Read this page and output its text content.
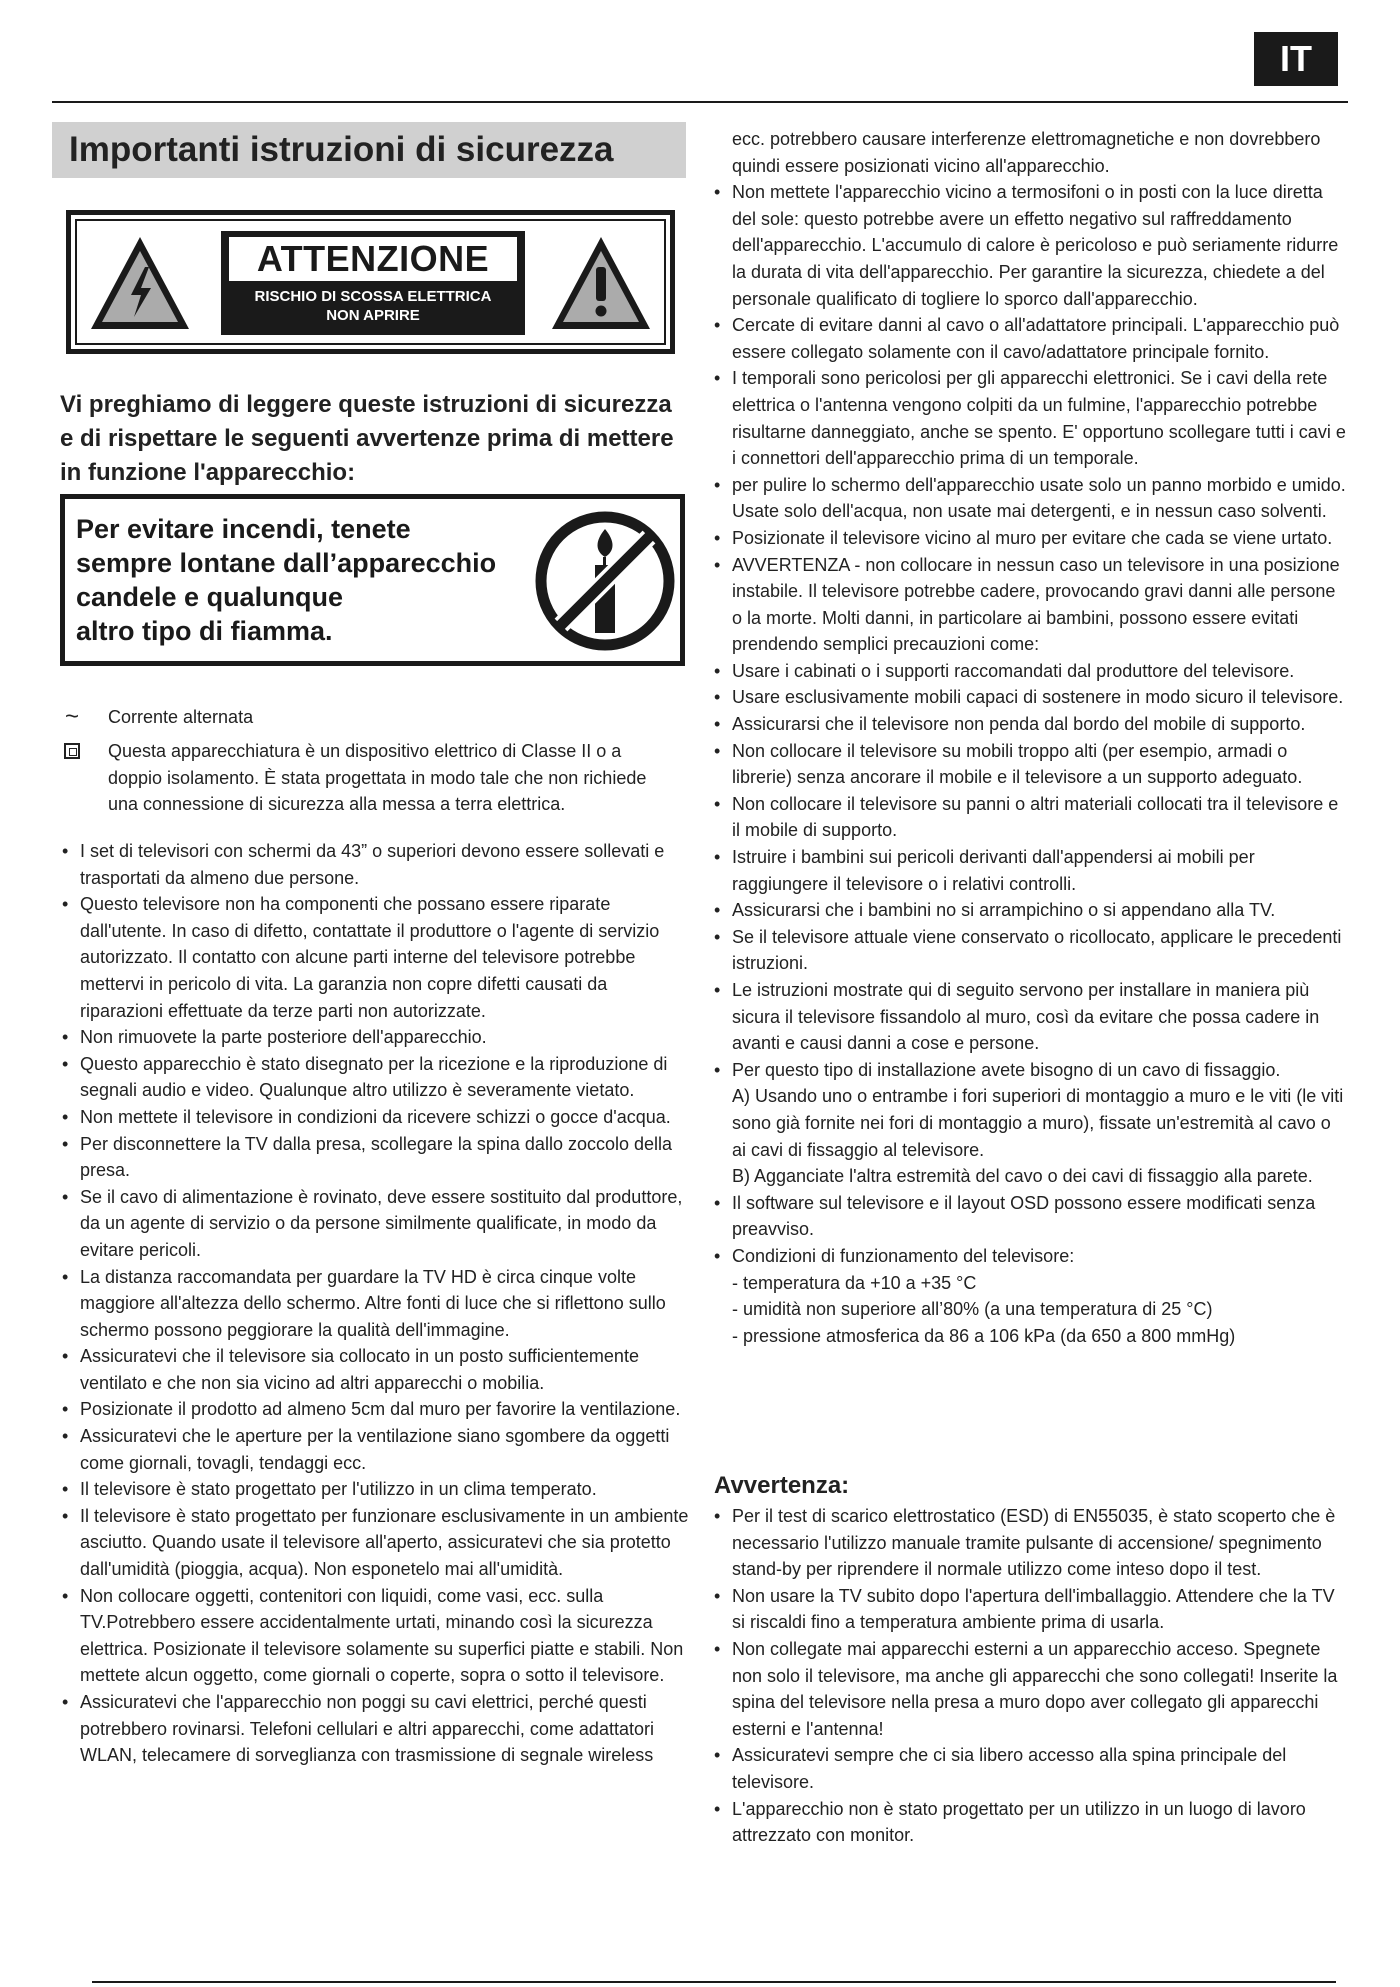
IT
Importanti istruzioni di sicurezza
ATTENZIONE
RISCHIO DI SCOSSA ELETTRICA
NON APRIRE
Vi preghiamo di leggere queste istruzioni di sicurezza e di rispettare le seguenti avvertenze prima di mettere in funzione l'apparecchio:
Per evitare incendi, tenete
sempre lontane dall’apparecchio
candele e qualunque
altro tipo di fiamma.
~ Corrente alternata
Questa apparecchiatura è un dispositivo elettrico di Classe II o a doppio isolamento. È stata progettata in modo tale che non richiede una connessione di sicurezza alla messa a terra elettrica.
• I set di televisori con schermi da 43” o superiori devono essere sollevati e trasportati da almeno due persone.
• Questo televisore non ha componenti che possano essere riparate dall'utente. In caso di difetto, contattate il produttore o l'agente di servizio autorizzato. Il contatto con alcune parti interne del televisore potrebbe mettervi in pericolo di vita. La garanzia non copre difetti causati da riparazioni effettuate da terze parti non autorizzate.
• Non rimuovete la parte posteriore dell'apparecchio.
• Questo apparecchio è stato disegnato per la ricezione e la riproduzione di segnali audio e video. Qualunque altro utilizzo è severamente vietato.
• Non mettete il televisore in condizioni da ricevere schizzi o gocce d'acqua.
• Per disconnettere la TV dalla presa, scollegare la spina dallo zoccolo della presa.
• Se il cavo di alimentazione è rovinato, deve essere sostituito dal produttore, da un agente di servizio o da persone similmente qualificate, in modo da evitare pericoli.
• La distanza raccomandata per guardare la TV HD è circa cinque volte maggiore all'altezza dello schermo. Altre fonti di luce che si riflettono sullo schermo possono peggiorare la qualità dell'immagine.
• Assicuratevi che il televisore sia collocato in un posto sufficientemente ventilato e che non sia vicino ad altri apparecchi o mobilia.
• Posizionate il prodotto ad almeno 5cm dal muro per favorire la ventilazione.
• Assicuratevi che le aperture per la ventilazione siano sgombere da oggetti come giornali, tovagli, tendaggi ecc.
• Il televisore è stato progettato per l'utilizzo in un clima temperato.
• Il televisore è stato progettato per funzionare esclusivamente in un ambiente asciutto. Quando usate il televisore all'aperto, assicuratevi che sia protetto dall'umidità (pioggia, acqua). Non esponetelo mai all'umidità.
• Non collocare oggetti, contenitori con liquidi, come vasi, ecc. sulla TV.Potrebbero essere accidentalmente urtati, minando così la sicurezza elettrica. Posizionate il televisore solamente su superfici piatte e stabili. Non mettete alcun oggetto, come giornali o coperte, sopra o sotto il televisore.
• Assicuratevi che l'apparecchio non poggi su cavi elettrici, perché questi potrebbero rovinarsi. Telefoni cellulari e altri apparecchi, come adattatori WLAN, telecamere di sorveglianza con trasmissione di segnale wireless
ecc. potrebbero causare interferenze elettromagnetiche e non dovrebbero quindi essere posizionati vicino all'apparecchio.
• Non mettete l'apparecchio vicino a termosifoni o in posti con la luce diretta del sole: questo potrebbe avere un effetto negativo sul raffreddamento dell'apparecchio. L'accumulo di calore è pericoloso e può seriamente ridurre la durata di vita dell'apparecchio. Per garantire la sicurezza, chiedete a del personale qualificato di togliere lo sporco dall'apparecchio.
• Cercate di evitare danni al cavo o all'adattatore principali. L'apparecchio può essere collegato solamente con il cavo/adattatore principale fornito.
• I temporali sono pericolosi per gli apparecchi elettronici. Se i cavi della rete elettrica o l'antenna vengono colpiti da un fulmine, l'apparecchio potrebbe risultarne danneggiato, anche se spento. E' opportuno scollegare tutti i cavi e i connettori dell'apparecchio prima di un temporale.
• per pulire lo schermo dell'apparecchio usate solo un panno morbido e umido. Usate solo dell'acqua, non usate mai detergenti, e in nessun caso solventi.
• Posizionate il televisore vicino al muro per evitare che cada se viene urtato.
• AVVERTENZA - non collocare in nessun caso un televisore in una posizione instabile. Il televisore potrebbe cadere, provocando gravi danni alle persone o la morte. Molti danni, in particolare ai bambini, possono essere evitati prendendo semplici precauzioni come:
• Usare i cabinati o i supporti raccomandati dal produttore del televisore.
• Usare esclusivamente mobili capaci di sostenere in modo sicuro il televisore.
• Assicurarsi che il televisore non penda dal bordo del mobile di supporto.
• Non collocare il televisore su mobili troppo alti (per esempio, armadi o librerie) senza ancorare il mobile e il televisore a un supporto adeguato.
• Non collocare il televisore su panni o altri materiali collocati tra il televisore e il mobile di supporto.
• Istruire i bambini sui pericoli derivanti dall'appendersi ai mobili per raggiungere il televisore o i relativi controlli.
• Assicurarsi che i bambini no si arrampichino o si appendano alla TV.
• Se il televisore attuale viene conservato o ricollocato, applicare le precedenti istruzioni.
• Le istruzioni mostrate qui di seguito servono per installare in maniera più sicura il televisore fissandolo al muro, così da evitare che possa cadere in avanti e causi danni a cose e persone.
• Per questo tipo di installazione avete bisogno di un cavo di fissaggio.
A) Usando uno o entrambe i fori superiori di montaggio a muro e le viti (le viti sono già fornite nei fori di montaggio a muro), fissate un'estremità al cavo o ai cavi di fissaggio al televisore.
B) Agganciate l'altra estremità del cavo o dei cavi di fissaggio alla parete.
• Il software sul televisore e il layout OSD possono essere modificati senza preavviso.
• Condizioni di funzionamento del televisore:
- temperatura da +10 a +35 °C
- umidità non superiore all’80% (a una temperatura di 25 °C)
- pressione atmosferica da 86 a 106 kPa (da 650 a 800 mmHg)
Avvertenza:
• Per il test di scarico elettrostatico (ESD) di EN55035, è stato scoperto che è necessario l'utilizzo manuale tramite pulsante di accensione/ spegnimento stand-by per riprendere il normale utilizzo come inteso dopo il test.
• Non usare la TV subito dopo l'apertura dell'imballaggio. Attendere che la TV si riscaldi fino a temperatura ambiente prima di usarla.
• Non collegate mai apparecchi esterni a un apparecchio acceso. Spegnete non solo il televisore, ma anche gli apparecchi che sono collegati! Inserite la spina del televisore nella presa a muro dopo aver collegato gli apparecchi esterni e l'antenna!
• Assicuratevi sempre che ci sia libero accesso alla spina principale del televisore.
• L'apparecchio non è stato progettato per un utilizzo in un luogo di lavoro attrezzato con monitor.
